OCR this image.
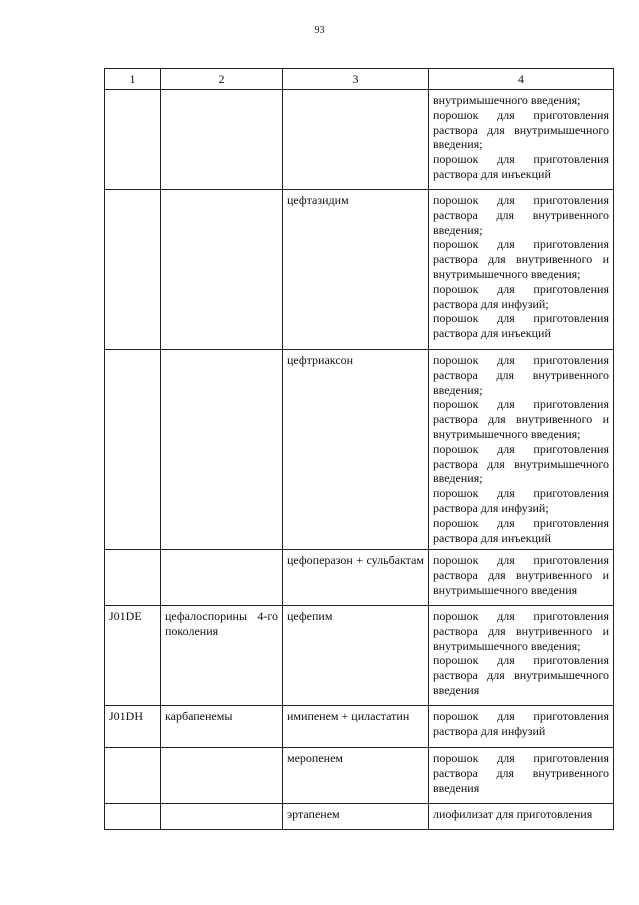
93
1	2	3	4

			внутримышечного введения;
порошок для приготовления раствора для внутримышечного введения;
порошок для приготовления раствора для инъекций

		цефтазидим	порошок для приготовления раствора для внутривенного введения;
порошок для приготовления раствора для внутривенного и внутримышечного введения;
порошок для приготовления раствора для инфузий;
порошок для приготовления раствора для инъекций

		цефтриаксон	порошок для приготовления раствора для внутривенного введения;
порошок для приготовления раствора для внутривенного и внутримышечного введения;
порошок для приготовления раствора для внутримышечного введения;
порошок для приготовления раствора для инфузий;
порошок для приготовления раствора для инъекций

		цефоперазон + сульбактам	порошок для приготовления раствора для внутривенного и внутримышечного введения

J01DE	цефалоспорины 4-го поколения	цефепим	порошок для приготовления раствора для внутривенного и внутримышечного введения;
порошок для приготовления раствора для внутримышечного введения

J01DH	карбапенемы	имипенем + циластатин	порошок для приготовления раствора для инфузий

		меропенем	порошок для приготовления раствора для внутривенного введения

		эртапенем	лиофилизат для приготовления
